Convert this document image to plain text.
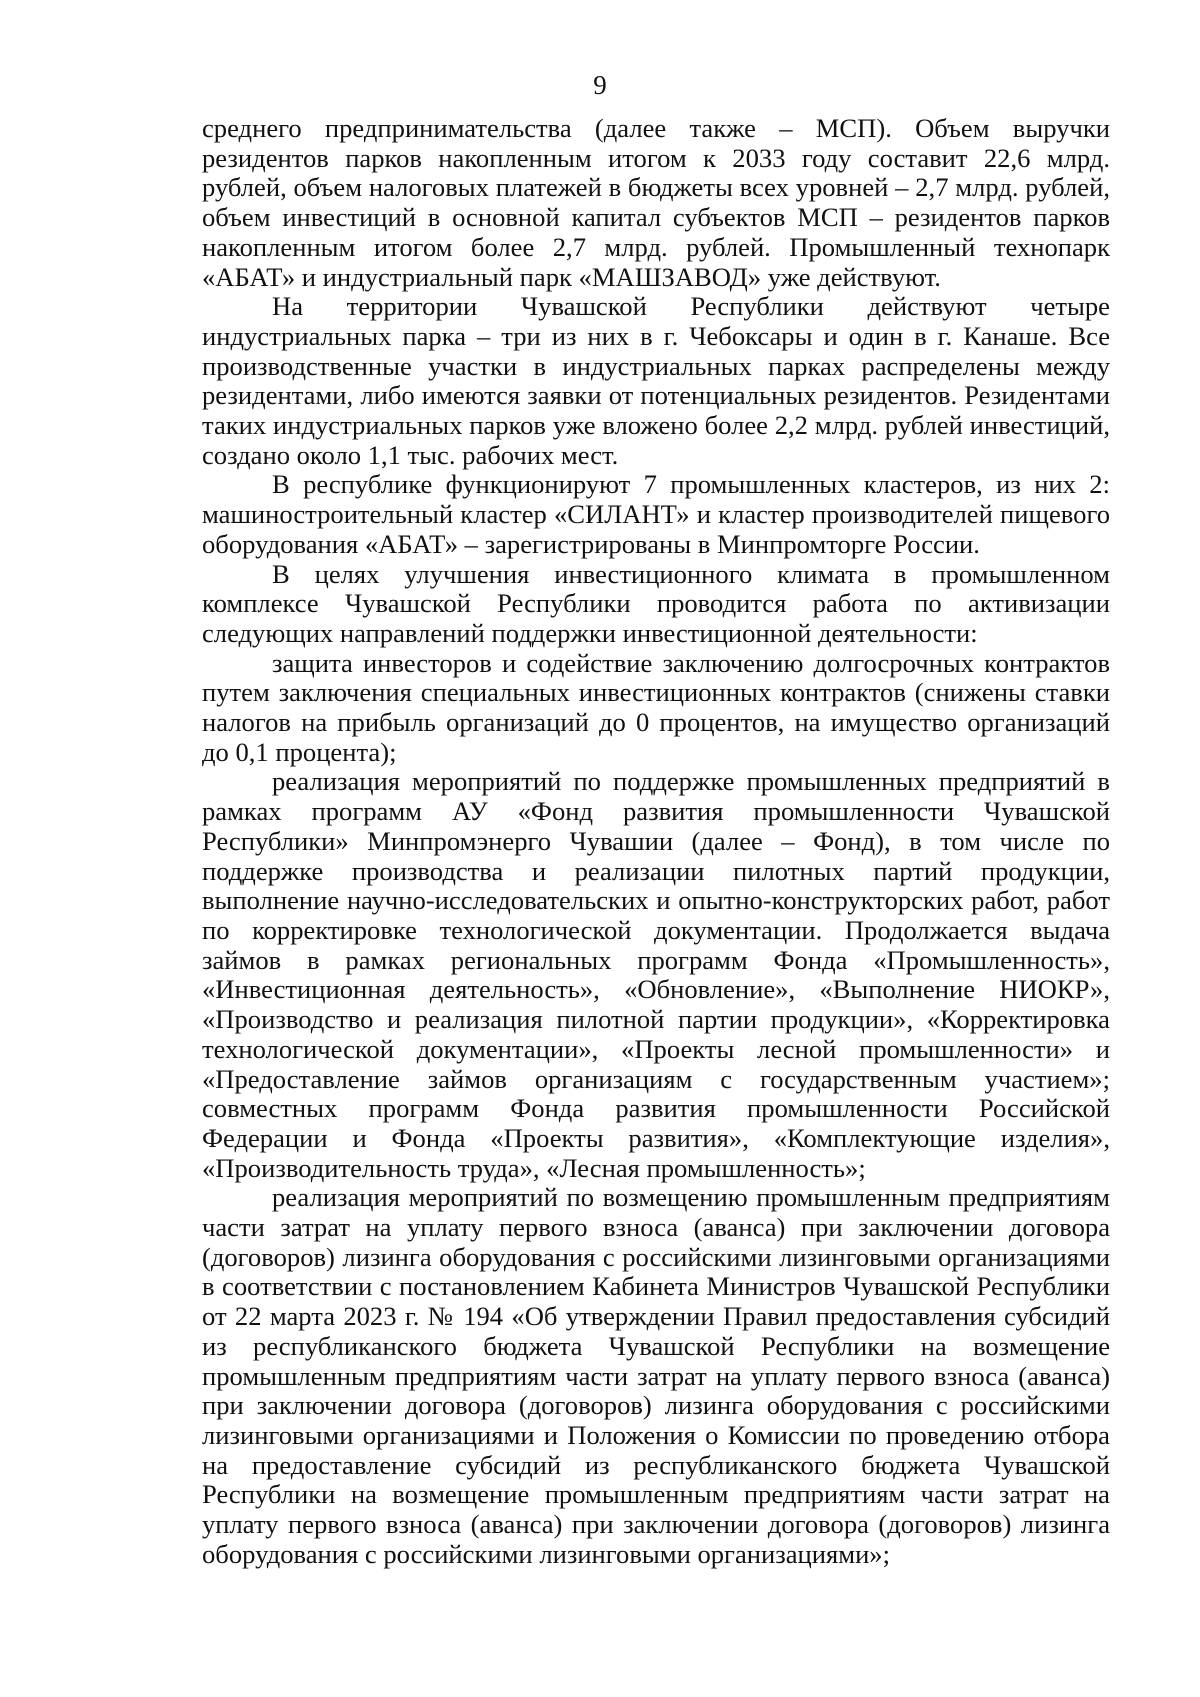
9

среднего предпринимательства (далее также – МСП). Объем выручки резидентов парков накопленным итогом к 2033 году составит 22,6 млрд. рублей, объем налоговых платежей в бюджеты всех уровней – 2,7 млрд. рублей, объем инвестиций в основной капитал субъектов МСП – резидентов парков накопленным итогом более 2,7 млрд. рублей. Промышленный технопарк «АБАТ» и индустриальный парк «МАШЗАВОД» уже действуют.

На территории Чувашской Республики действуют четыре индустриальных парка – три из них в г. Чебоксары и один в г. Канаше. Все производственные участки в индустриальных парках распределены между резидентами, либо имеются заявки от потенциальных резидентов. Резидентами таких индустриальных парков уже вложено более 2,2 млрд. рублей инвестиций, создано около 1,1 тыс. рабочих мест.

В республике функционируют 7 промышленных кластеров, из них 2: машиностроительный кластер «СИЛАНТ» и кластер производителей пищевого оборудования «АБАТ» – зарегистрированы в Минпромторге России.

В целях улучшения инвестиционного климата в промышленном комплексе Чувашской Республики проводится работа по активизации следующих направлений поддержки инвестиционной деятельности:

защита инвесторов и содействие заключению долгосрочных контрактов путем заключения специальных инвестиционных контрактов (снижены ставки налогов на прибыль организаций до 0 процентов, на имущество организаций до 0,1 процента);

реализация мероприятий по поддержке промышленных предприятий в рамках программ АУ «Фонд развития промышленности Чувашской Республики» Минпромэнерго Чувашии (далее – Фонд), в том числе по поддержке производства и реализации пилотных партий продукции, выполнение научно-исследовательских и опытно-конструкторских работ, работ по корректировке технологической документации. Продолжается выдача займов в рамках региональных программ Фонда «Промышленность», «Инвестиционная деятельность», «Обновление», «Выполнение НИОКР», «Производство и реализация пилотной партии продукции», «Корректировка технологической документации», «Проекты лесной промышленности» и «Предоставление займов организациям с государственным участием»; совместных программ Фонда развития промышленности Российской Федерации и Фонда «Проекты развития», «Комплектующие изделия», «Производительность труда», «Лесная промышленность»;

реализация мероприятий по возмещению промышленным предприятиям части затрат на уплату первого взноса (аванса) при заключении договора (договоров) лизинга оборудования с российскими лизинговыми организациями в соответствии с постановлением Кабинета Министров Чувашской Республики от 22 марта 2023 г. № 194 «Об утверждении Правил предоставления субсидий из республиканского бюджета Чувашской Республики на возмещение промышленным предприятиям части затрат на уплату первого взноса (аванса) при заключении договора (договоров) лизинга оборудования с российскими лизинговыми организациями и Положения о Комиссии по проведению отбора на предоставление субсидий из республиканского бюджета Чувашской Республики на возмещение промышленным предприятиям части затрат на уплату первого взноса (аванса) при заключении договора (договоров) лизинга оборудования с российскими лизинговыми организациями»;
